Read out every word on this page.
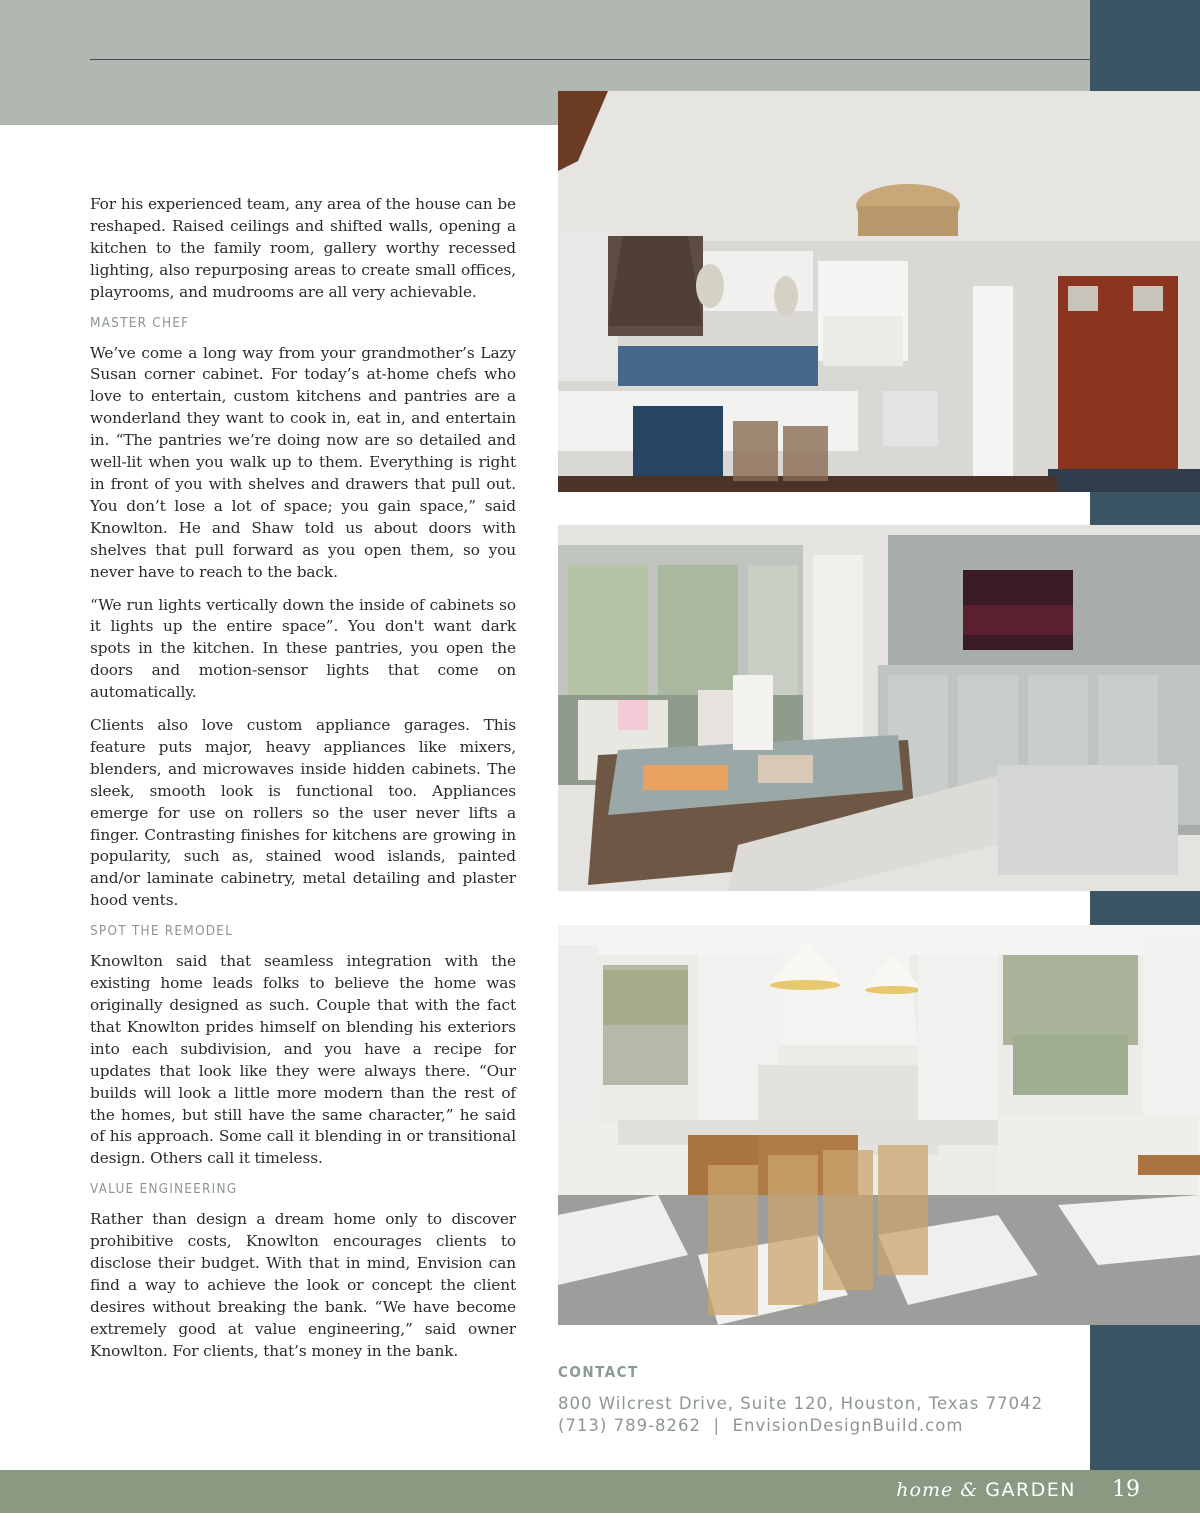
For his experienced team, any area of the house can be reshaped. Raised ceilings and shifted walls, opening a kitchen to the family room, gallery worthy recessed lighting, also repurposing areas to create small offices, playrooms, and mudrooms are all very achievable.

MASTER CHEF

We’ve come a long way from your grandmother’s Lazy Susan corner cabinet. For today’s at-home chefs who love to entertain, custom kitchens and pantries are a wonderland they want to cook in, eat in, and entertain in. “The pantries we’re doing now are so detailed and well-lit when you walk up to them. Everything is right in front of you with shelves and drawers that pull out. You don’t lose a lot of space; you gain space,” said Knowlton. He and Shaw told us about doors with shelves that pull forward as you open them, so you never have to reach to the back.

“We run lights vertically down the inside of cabinets so it lights up the entire space”. You don't want dark spots in the kitchen. In these pantries, you open the doors and motion-sensor lights that come on automatically.

Clients also love custom appliance garages. This feature puts major, heavy appliances like mixers, blenders, and microwaves inside hidden cabinets. The sleek, smooth look is functional too. Appliances emerge for use on rollers so the user never lifts a finger. Contrasting finishes for kitchens are growing in popularity, such as, stained wood islands, painted and/or laminate cabinetry, metal detailing and plaster hood vents.

SPOT THE REMODEL

Knowlton said that seamless integration with the existing home leads folks to believe the home was originally designed as such. Couple that with the fact that Knowlton prides himself on blending his exteriors into each subdivision, and you have a recipe for updates that look like they were always there. “Our builds will look a little more modern than the rest of the homes, but still have the same character,” he said of his approach. Some call it blending in or transitional design. Others call it timeless.

VALUE ENGINEERING

Rather than design a dream home only to discover prohibitive costs, Knowlton encourages clients to disclose their budget. With that in mind, Envision can find a way to achieve the look or concept the client desires without breaking the bank. “We have become extremely good at value engineering,” said owner Knowlton. For clients, that’s money in the bank.

CONTACT
800 Wilcrest Drive, Suite 120, Houston, Texas 77042
(713) 789-8262  |  EnvisionDesignBuild.com
home & GARDEN 19
